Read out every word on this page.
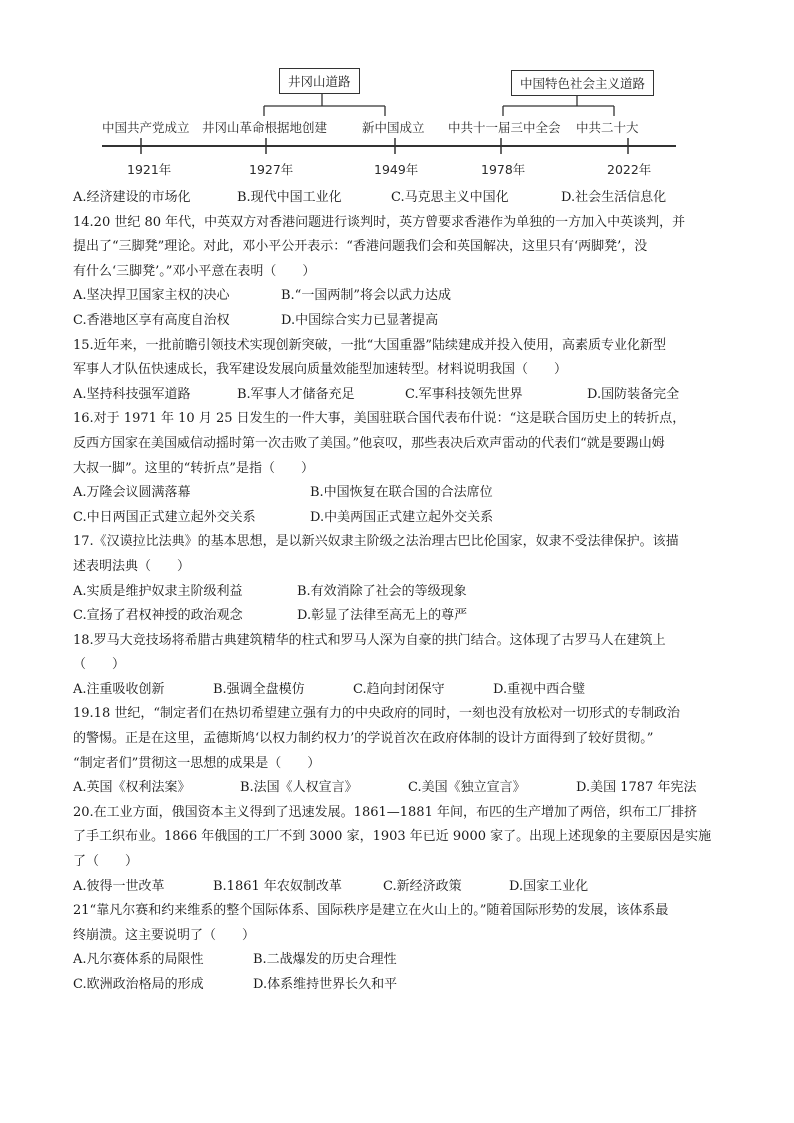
井冈山道路	中国特色社会主义道路
中国共产党成立 井冈山革命根据地创建	新中国成立 中共十一届三中全会 中共二十大
1921年	1927年	1949年	1978年	2022年
A.经济建设的市场化	B.现代中国工业化	C.马克思主义中国化	D.社会生活信息化
14.20 世纪 80 年代，中英双方对香港问题进行谈判时，英方曾要求香港作为单独的一方加入中英谈判，并
提出了“三脚凳”理论。对此，邓小平公开表示：“香港问题我们会和英国解决，这里只有‘两脚凳’，没
有什么‘三脚凳’。”邓小平意在表明（　　）
A.坚决捍卫国家主权的决心	B.“一国两制”将会以武力达成
C.香港地区享有高度自治权	D.中国综合实力已显著提高
15.近年来，一批前瞻引领技术实现创新突破，一批“大国重器”陆续建成并投入使用，高素质专业化新型
军事人才队伍快速成长，我军建设发展向质量效能型加速转型。材料说明我国（　　）
A.坚持科技强军道路	B.军事人才储备充足	C.军事科技领先世界	D.国防装备完全
16.对于 1971 年 10 月 25 日发生的一件大事，美国驻联合国代表布什说：“这是联合国历史上的转折点，
反西方国家在美国威信动摇时第一次击败了美国。”他哀叹，那些表决后欢声雷动的代表们“就是要踢山姆
大叔一脚”。这里的“转折点”是指（　　）
A.万隆会议圆满落幕	B.中国恢复在联合国的合法席位
C.中日两国正式建立起外交关系	D.中美两国正式建立起外交关系
17.《汉谟拉比法典》的基本思想，是以新兴奴隶主阶级之法治理古巴比伦国家，奴隶不受法律保护。该描
述表明法典（　　）
A.实质是维护奴隶主阶级利益	B.有效消除了社会的等级现象
C.宣扬了君权神授的政治观念	D.彰显了法律至高无上的尊严
18.罗马大竞技场将希腊古典建筑精华的柱式和罗马人深为自豪的拱门结合。这体现了古罗马人在建筑上
（　　）
A.注重吸收创新	B.强调全盘模仿	C.趋向封闭保守	D.重视中西合璧
19.18 世纪，“制定者们在热切希望建立强有力的中央政府的同时，一刻也没有放松对一切形式的专制政治
的警惕。正是在这里，孟德斯鸠‘以权力制约权力’的学说首次在政府体制的设计方面得到了较好贯彻。”
“制定者们”贯彻这一思想的成果是（　　）
A.英国《权利法案》	B.法国《人权宣言》	C.美国《独立宣言》	D.美国 1787 年宪法
20.在工业方面，俄国资本主义得到了迅速发展。1861—1881 年间，布匹的生产增加了两倍，织布工厂排挤
了手工织布业。1866 年俄国的工厂不到 3000 家，1903 年已近 9000 家了。出现上述现象的主要原因是实施
了（　　）
A.彼得一世改革	B.1861 年农奴制改革	C.新经济政策	D.国家工业化
21“靠凡尔赛和约来维系的整个国际体系、国际秩序是建立在火山上的。”随着国际形势的发展，该体系最
终崩溃。这主要说明了（　　）
A.凡尔赛体系的局限性	B.二战爆发的历史合理性
C.欧洲政治格局的形成	D.体系维持世界长久和平
